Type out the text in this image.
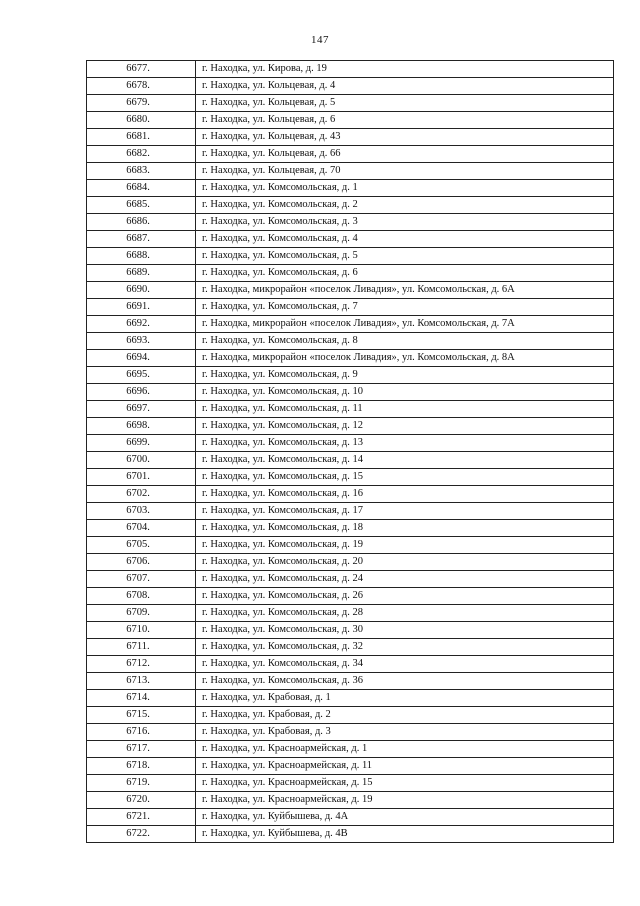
147
6677.	г. Находка, ул. Кирова, д. 19
6678.	г. Находка, ул. Кольцевая, д. 4
6679.	г. Находка, ул. Кольцевая, д. 5
6680.	г. Находка, ул. Кольцевая, д. 6
6681.	г. Находка, ул. Кольцевая, д. 43
6682.	г. Находка, ул. Кольцевая, д. 66
6683.	г. Находка, ул. Кольцевая, д. 70
6684.	г. Находка, ул. Комсомольская, д. 1
6685.	г. Находка, ул. Комсомольская, д. 2
6686.	г. Находка, ул. Комсомольская, д. 3
6687.	г. Находка, ул. Комсомольская, д. 4
6688.	г. Находка, ул. Комсомольская, д. 5
6689.	г. Находка, ул. Комсомольская, д. 6
6690.	г. Находка, микрорайон «поселок Ливадия», ул. Комсомольская, д. 6А
6691.	г. Находка, ул. Комсомольская, д. 7
6692.	г. Находка, микрорайон «поселок Ливадия», ул. Комсомольская, д. 7А
6693.	г. Находка, ул. Комсомольская, д. 8
6694.	г. Находка, микрорайон «поселок Ливадия», ул. Комсомольская, д. 8А
6695.	г. Находка, ул. Комсомольская, д. 9
6696.	г. Находка, ул. Комсомольская, д. 10
6697.	г. Находка, ул. Комсомольская, д. 11
6698.	г. Находка, ул. Комсомольская, д. 12
6699.	г. Находка, ул. Комсомольская, д. 13
6700.	г. Находка, ул. Комсомольская, д. 14
6701.	г. Находка, ул. Комсомольская, д. 15
6702.	г. Находка, ул. Комсомольская, д. 16
6703.	г. Находка, ул. Комсомольская, д. 17
6704.	г. Находка, ул. Комсомольская, д. 18
6705.	г. Находка, ул. Комсомольская, д. 19
6706.	г. Находка, ул. Комсомольская, д. 20
6707.	г. Находка, ул. Комсомольская, д. 24
6708.	г. Находка, ул. Комсомольская, д. 26
6709.	г. Находка, ул. Комсомольская, д. 28
6710.	г. Находка, ул. Комсомольская, д. 30
6711.	г. Находка, ул. Комсомольская, д. 32
6712.	г. Находка, ул. Комсомольская, д. 34
6713.	г. Находка, ул. Комсомольская, д. 36
6714.	г. Находка, ул. Крабовая, д. 1
6715.	г. Находка, ул. Крабовая, д. 2
6716.	г. Находка, ул. Крабовая, д. 3
6717.	г. Находка, ул. Красноармейская, д. 1
6718.	г. Находка, ул. Красноармейская, д. 11
6719.	г. Находка, ул. Красноармейская, д. 15
6720.	г. Находка, ул. Красноармейская, д. 19
6721.	г. Находка, ул. Куйбышева, д. 4А
6722.	г. Находка, ул. Куйбышева, д. 4В
